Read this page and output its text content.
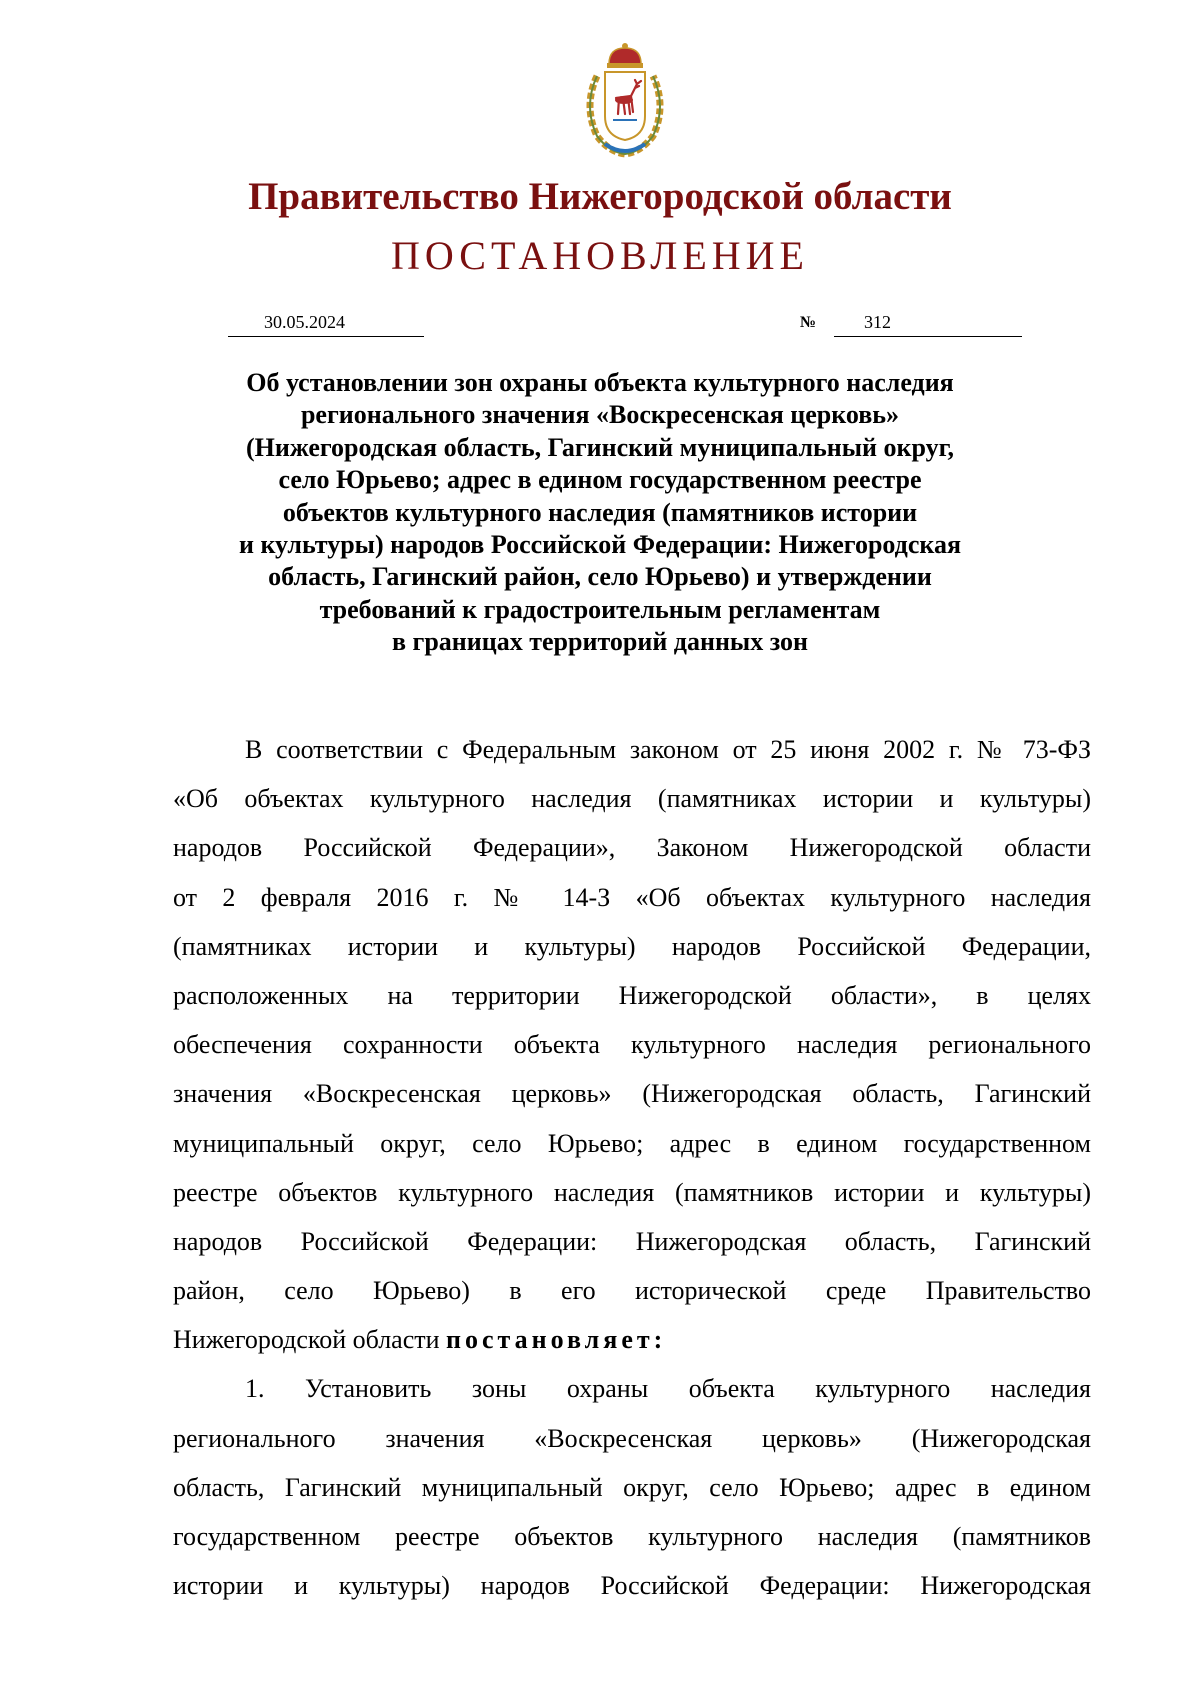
Правительство Нижегородской области
ПОСТАНОВЛЕНИЕ
30.05.2024	№	312
Об установлении зон охраны объекта культурного наследия
регионального значения «Воскресенская церковь»
(Нижегородская область, Гагинский муниципальный округ,
село Юрьево; адрес в едином государственном реестре
объектов культурного наследия (памятников истории
и культуры) народов Российской Федерации: Нижегородская
область, Гагинский район, село Юрьево) и утверждении
требований к градостроительным регламентам
в границах территорий данных зон
В соответствии с Федеральным законом от 25 июня 2002 г. № 73-ФЗ
«Об объектах культурного наследия (памятниках истории и культуры)
народов Российской Федерации», Законом Нижегородской области
от 2 февраля 2016 г. № 14-З «Об объектах культурного наследия
(памятниках истории и культуры) народов Российской Федерации,
расположенных на территории Нижегородской области», в целях
обеспечения сохранности объекта культурного наследия регионального
значения «Воскресенская церковь» (Нижегородская область, Гагинский
муниципальный округ, село Юрьево; адрес в едином государственном
реестре объектов культурного наследия (памятников истории и культуры)
народов Российской Федерации: Нижегородская область, Гагинский
район, село Юрьево) в его исторической среде Правительство
Нижегородской области постановляет:
1. Установить зоны охраны объекта культурного наследия
регионального значения «Воскресенская церковь» (Нижегородская
область, Гагинский муниципальный округ, село Юрьево; адрес в едином
государственном реестре объектов культурного наследия (памятников
истории и культуры) народов Российской Федерации: Нижегородская
